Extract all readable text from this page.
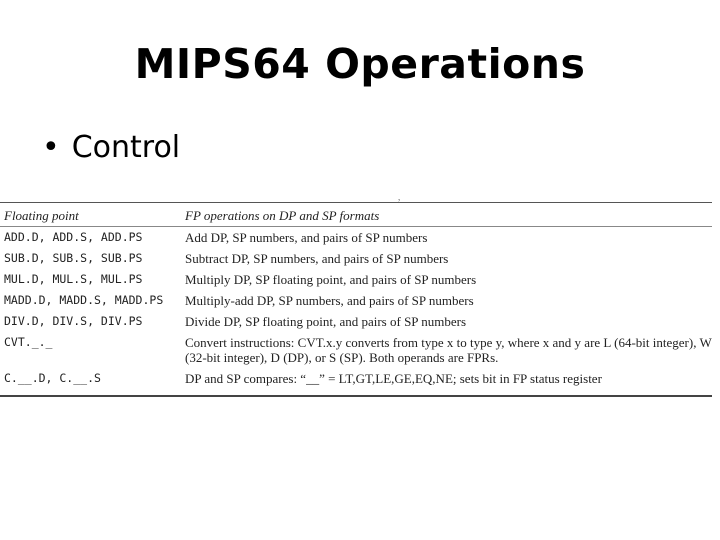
MIPS64 Operations
• Control
,
Floating point	FP operations on DP and SP formats
ADD.D, ADD.S, ADD.PS	Add DP, SP numbers, and pairs of SP numbers
SUB.D, SUB.S, SUB.PS	Subtract DP, SP numbers, and pairs of SP numbers
MUL.D, MUL.S, MUL.PS	Multiply DP, SP floating point, and pairs of SP numbers
MADD.D, MADD.S, MADD.PS	Multiply-add DP, SP numbers, and pairs of SP numbers
DIV.D, DIV.S, DIV.PS	Divide DP, SP floating point, and pairs of SP numbers
CVT._._	Convert instructions: CVT.x.y converts from type x to type y, where x and y are L (64-bit integer), W (32-bit integer), D (DP), or S (SP). Both operands are FPRs.
C.__.D, C.__.S	DP and SP compares: “__” = LT,GT,LE,GE,EQ,NE; sets bit in FP status register
